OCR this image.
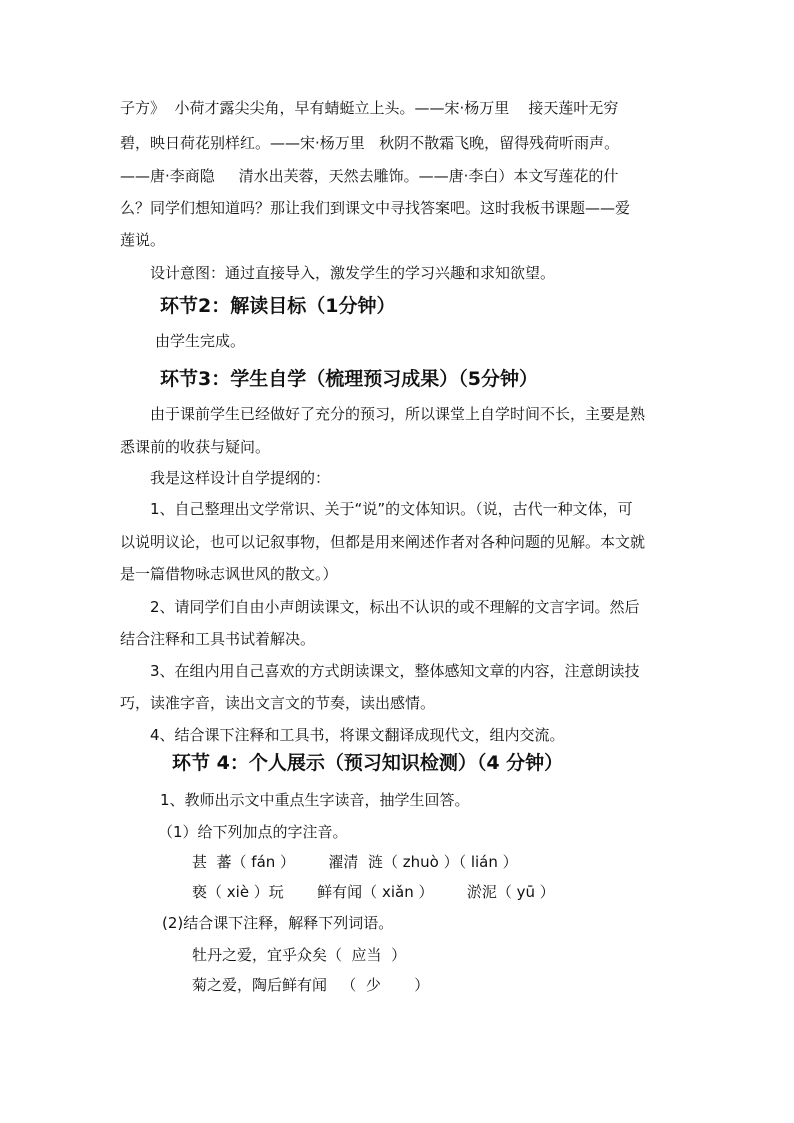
子方》  小荷才露尖尖角，早有蜻蜓立上头。——宋·杨万里    接天莲叶无穷
碧，映日荷花别样红。——宋·杨万里   秋阴不散霜飞晚，留得残荷听雨声。
——唐·李商隐     清水出芙蓉，天然去雕饰。——唐·李白）本文写莲花的什
么？同学们想知道吗？那让我们到课文中寻找答案吧。这时我板书课题——爱
莲说。
设计意图：通过直接导入，激发学生的学习兴趣和求知欲望。
环节2：解读目标（1分钟）
由学生完成。
环节3：学生自学（梳理预习成果）（5分钟）
由于课前学生已经做好了充分的预习，所以课堂上自学时间不长，主要是熟
悉课前的收获与疑问。
我是这样设计自学提纲的：
1、自己整理出文学常识、关于“说”的文体知识。（说，古代一种文体，可
以说明议论，也可以记叙事物，但都是用来阐述作者对各种问题的见解。本文就
是一篇借物咏志讽世风的散文。）
2、请同学们自由小声朗读课文，标出不认识的或不理解的文言字词。然后
结合注释和工具书试着解决。
3、在组内用自己喜欢的方式朗读课文，整体感知文章的内容，注意朗读技
巧，读准字音，读出文言文的节奏，读出感情。
4、结合课下注释和工具书，将课文翻译成现代文，组内交流。
环节 4：个人展示（预习知识检测）（4 分钟）
1、教师出示文中重点生字读音，抽学生回答。
（1）给下列加点的字注音。
甚  蕃（ fán ）       濯清  涟（ zhuò ）（ lián ）
亵（ xiè ）玩       鲜有闻（ xiǎn ）       淤泥（ yū ）
(2)结合课下注释，解释下列词语。
牡丹之爱，宜乎众矣（  应当  ）
菊之爱，陶后鲜有闻   （  少       ）
